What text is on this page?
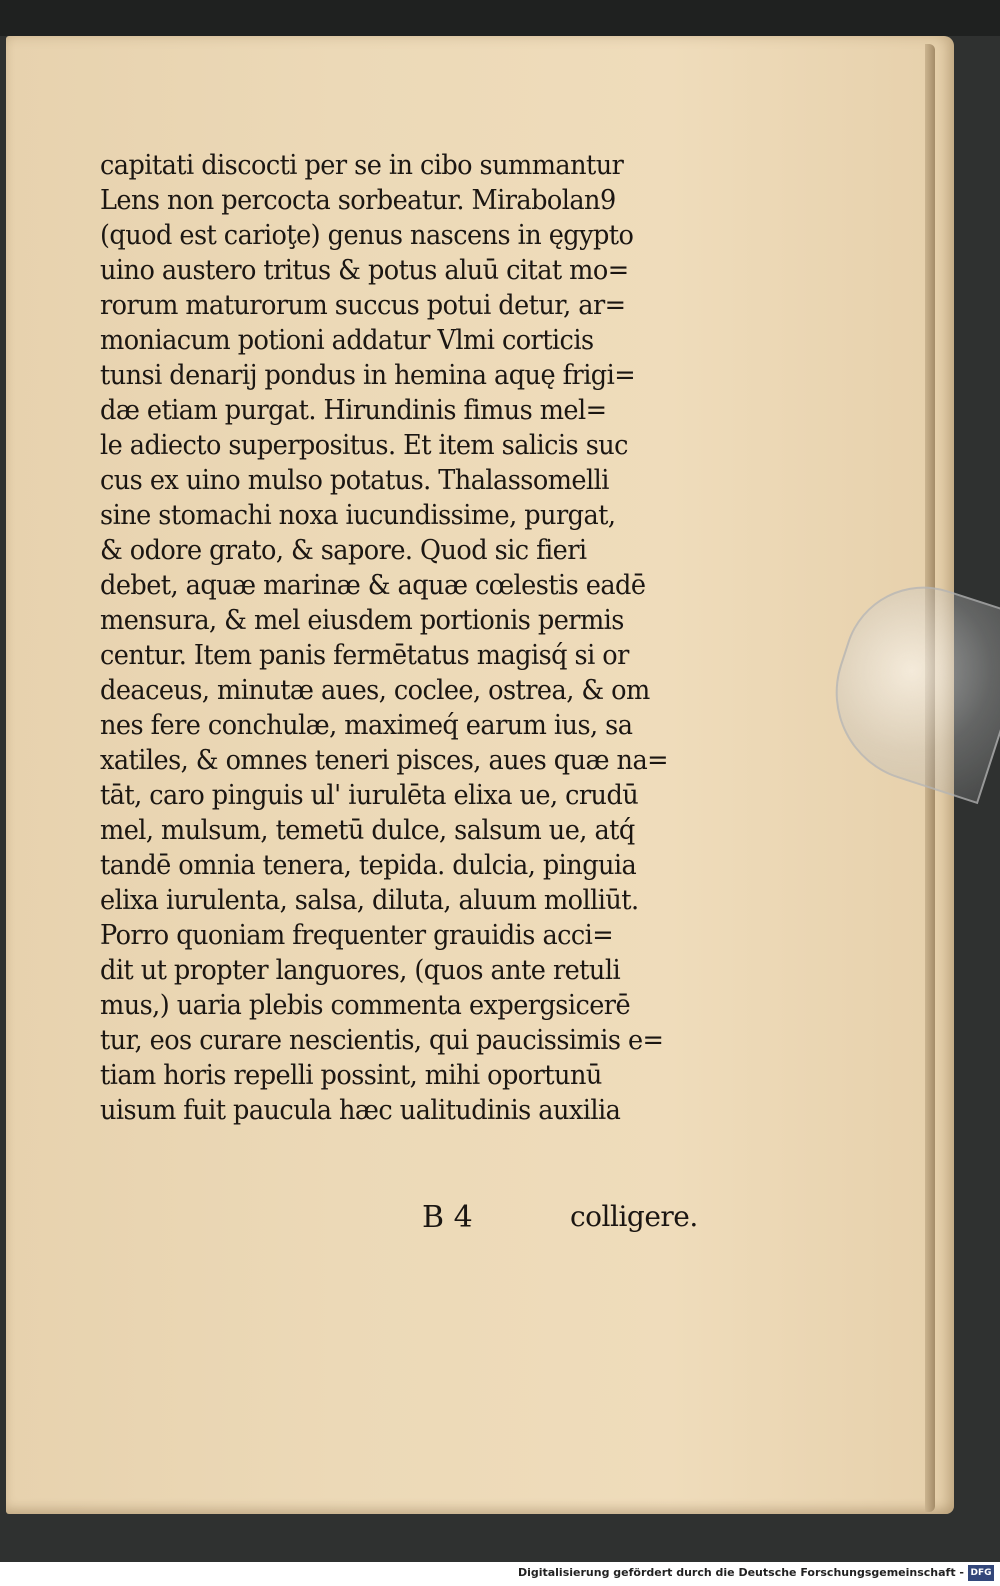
capitati discocti per se in cibo summantur
Lens non percocta sorbeatur. Mirabolan9
(quod est carioţe) genus nascens in ęgypto
uino austero tritus & potus aluū citat mo=
rorum maturorum succus potui detur, ar=
moniacum potioni addatur Vlmi corticis
tunsi denarij pondus in hemina aquę frigi=
dæ etiam purgat. Hirundinis fimus mel=
le adiecto superpositus. Et item salicis suc
cus ex uino mulso potatus. Thalassomelli
sine stomachi noxa iucundissime, purgat,
& odore grato, & sapore. Quod sic fieri
debet, aquæ marinæ & aquæ cœlestis eadē
mensura, & mel eiusdem portionis permis
centur. Item panis fermētatus magisq́ si or
deaceus, minutæ aues, coclee, ostrea, & om
nes fere conchulæ, maximeq́ earum ius, sa
xatiles, & omnes teneri pisces, aues quæ na=
tāt, caro pinguis ul' iurulēta elixa ue, crudū
mel, mulsum, temetū dulce, salsum ue, atq́
tandē omnia tenera, tepida. dulcia, pinguia
elixa iurulenta, salsa, diluta, aluum molliūt.
Porro quoniam frequenter grauidis acci=
dit ut propter languores, (quos ante retuli
mus,) uaria plebis commenta expergsicerē
tur, eos curare nescientis, qui paucissimis e=
tiam horis repelli possint, mihi oportunū
uisum fuit paucula hæc ualitudinis auxilia
B 4	colligere.
Digitalisierung gefördert durch die Deutsche Forschungsgemeinschaft - DFG
